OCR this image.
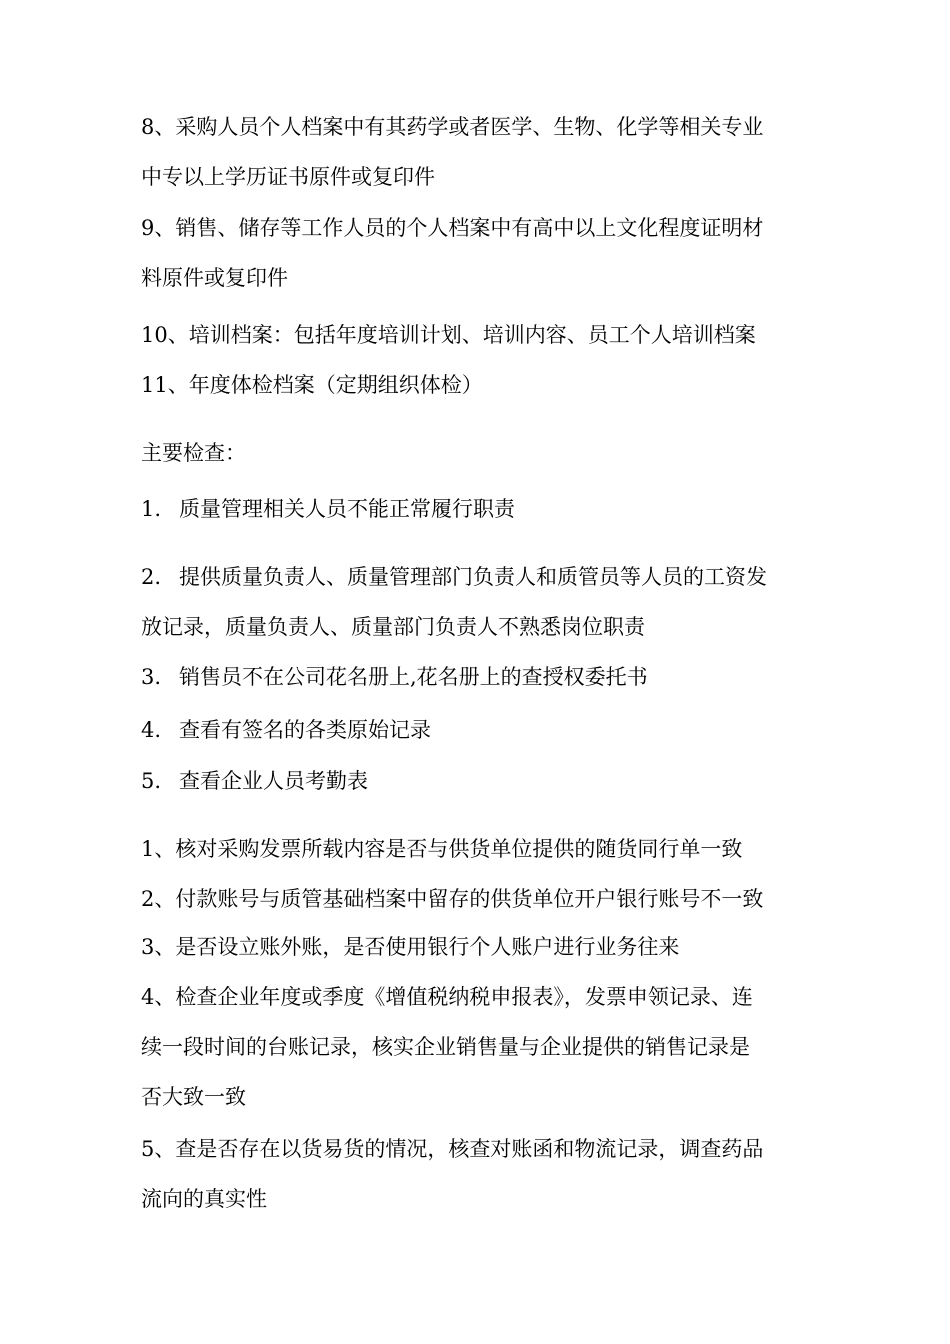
8、采购人员个人档案中有其药学或者医学、生物、化学等相关专业
中专以上学历证书原件或复印件
9、销售、储存等工作人员的个人档案中有高中以上文化程度证明材
料原件或复印件
10、培训档案：包括年度培训计划、培训内容、员工个人培训档案
11、年度体检档案（定期组织体检）
主要检查：
1. 质量管理相关人员不能正常履行职责
2. 提供质量负责人、质量管理部门负责人和质管员等人员的工资发
放记录，质量负责人、质量部门负责人不熟悉岗位职责
3. 销售员不在公司花名册上,花名册上的查授权委托书
4. 查看有签名的各类原始记录
5. 查看企业人员考勤表
1、核对采购发票所载内容是否与供货单位提供的随货同行单一致
2、付款账号与质管基础档案中留存的供货单位开户银行账号不一致
3、是否设立账外账，是否使用银行个人账户进行业务往来
4、检查企业年度或季度《增值税纳税申报表》，发票申领记录、连
续一段时间的台账记录，核实企业销售量与企业提供的销售记录是
否大致一致
5、查是否存在以货易货的情况，核查对账函和物流记录，调查药品
流向的真实性
